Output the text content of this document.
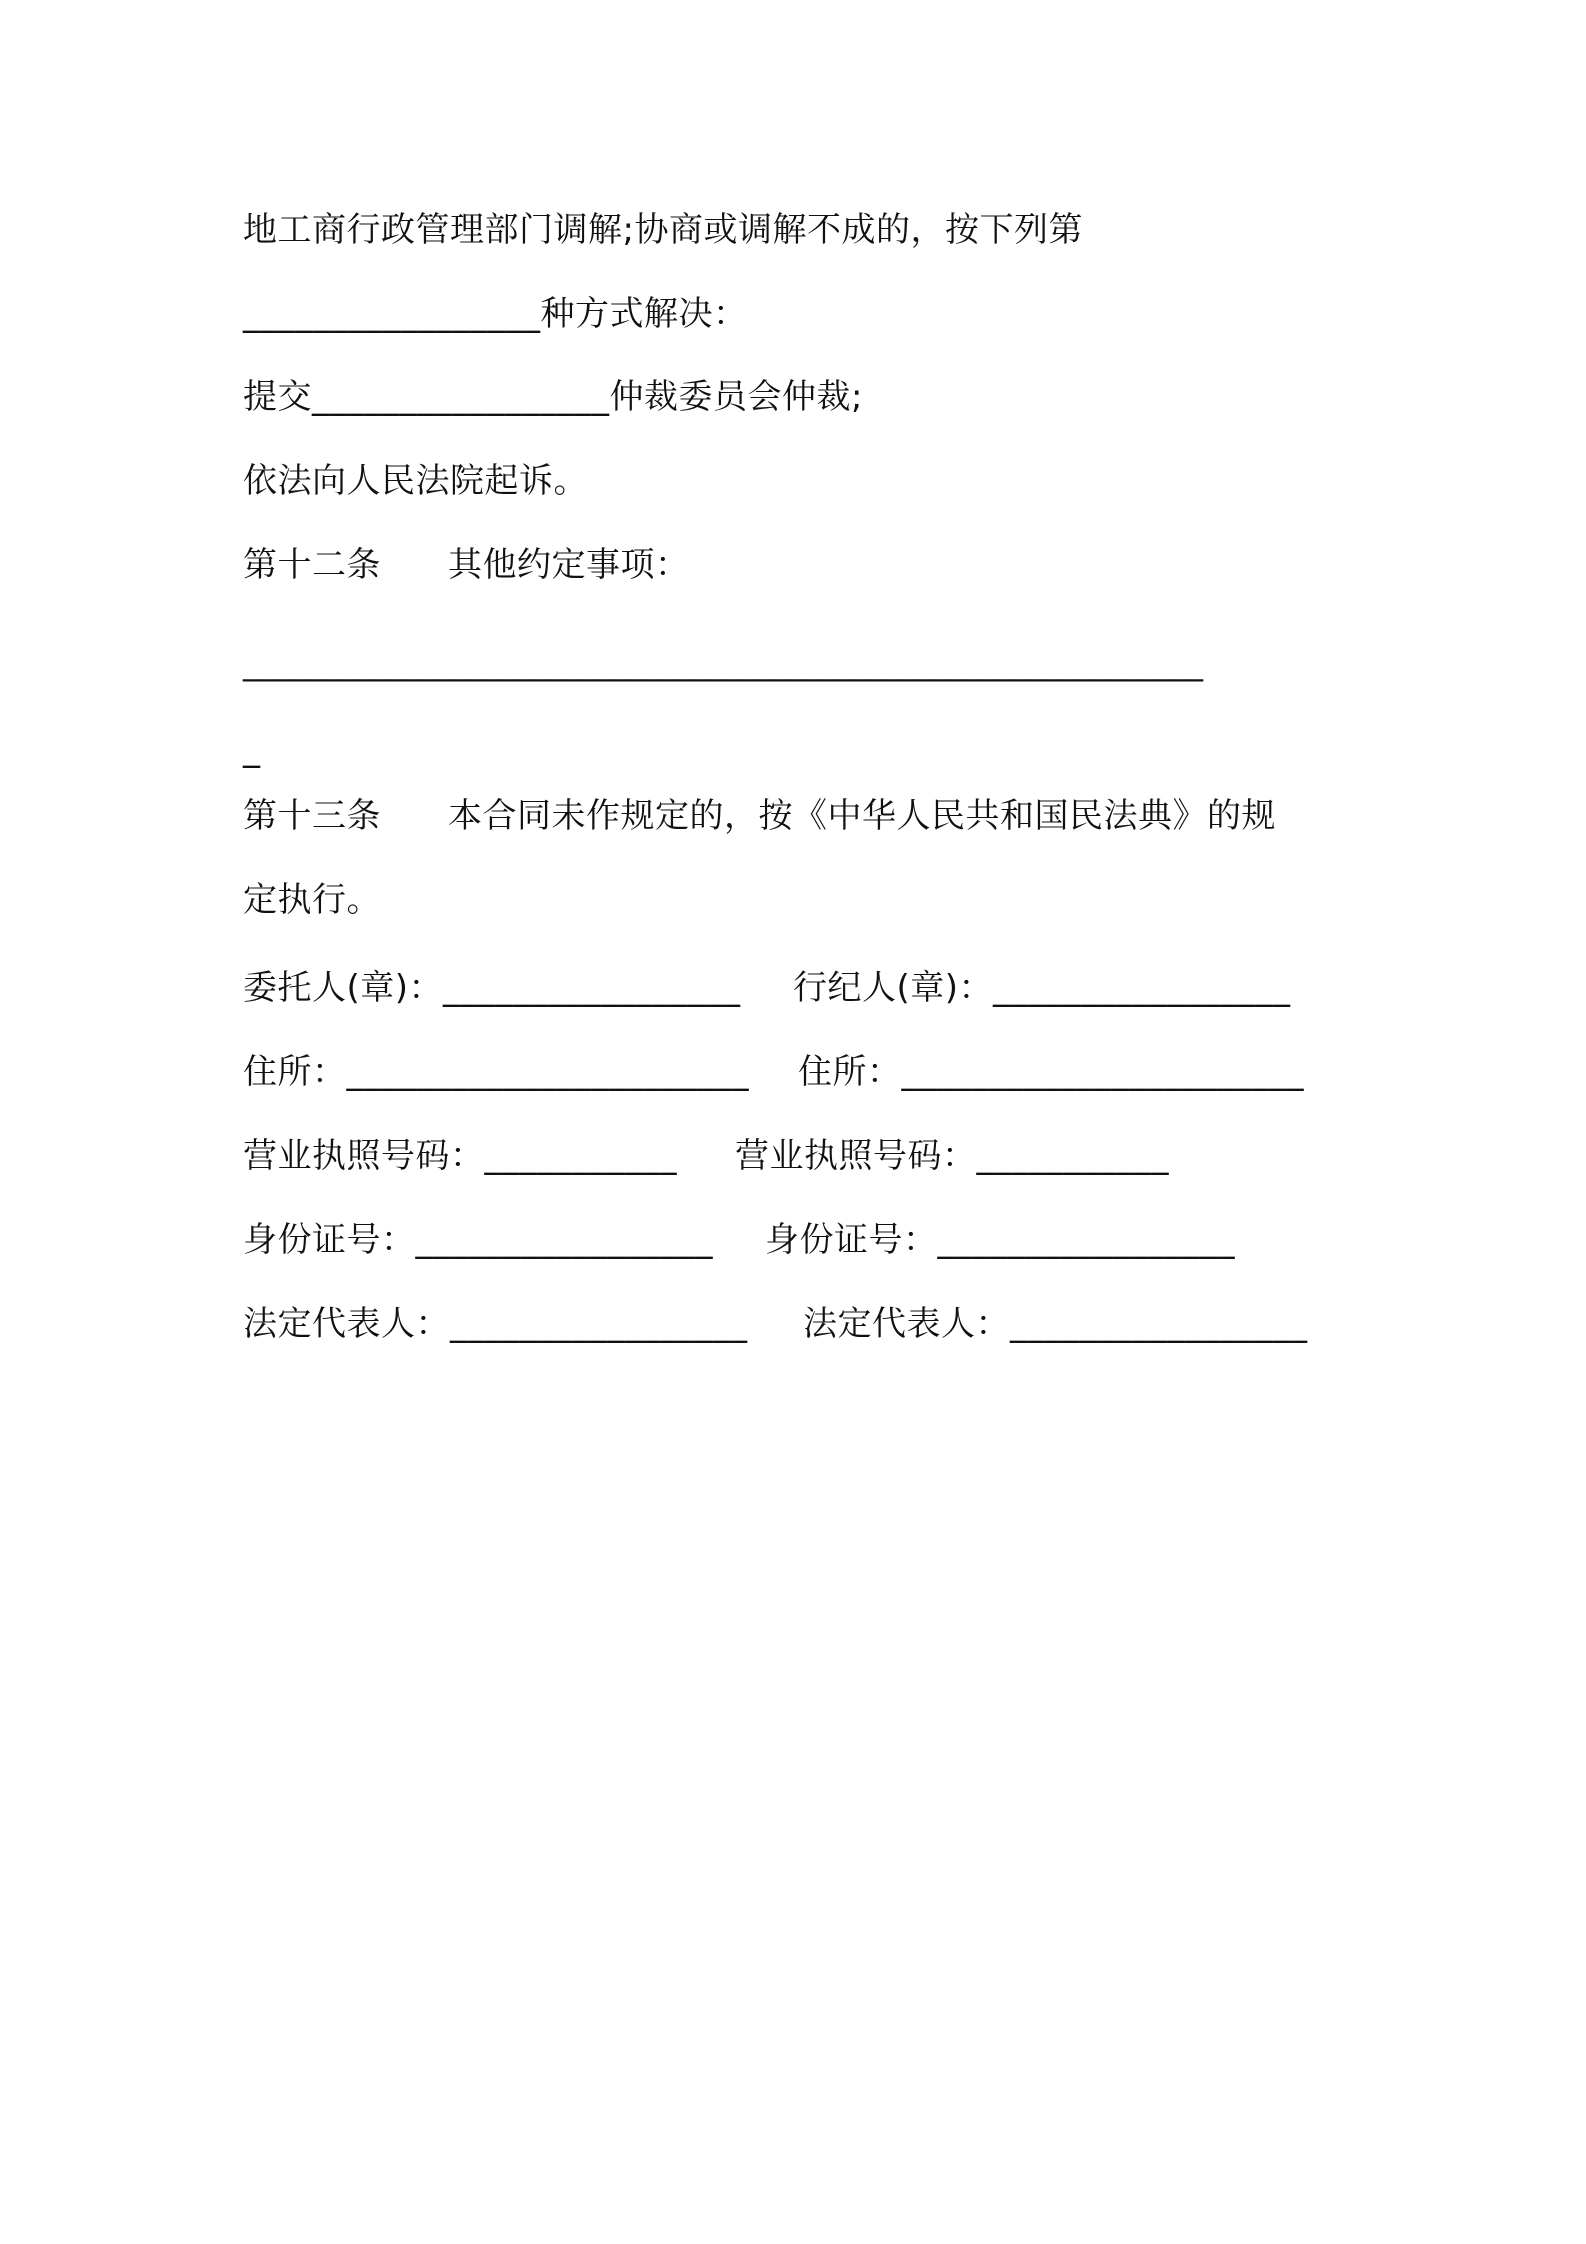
地工商行政管理部门调解;协商或调解不成的，按下列第
_________________种方式解决：
提交_________________仲裁委员会仲裁;
依法向人民法院起诉。
第十二条 其他约定事项：
____________________________________________________________
_
第十三条 本合同未作规定的，按《中华人民共和国民法典》的规
定执行。
委托人(章)：_________________ 行纪人(章)：_________________
住所：_______________________ 住所：_______________________
营业执照号码：___________ 营业执照号码：___________
身份证号：_________________ 身份证号：_________________
法定代表人：_________________ 法定代表人：_________________
